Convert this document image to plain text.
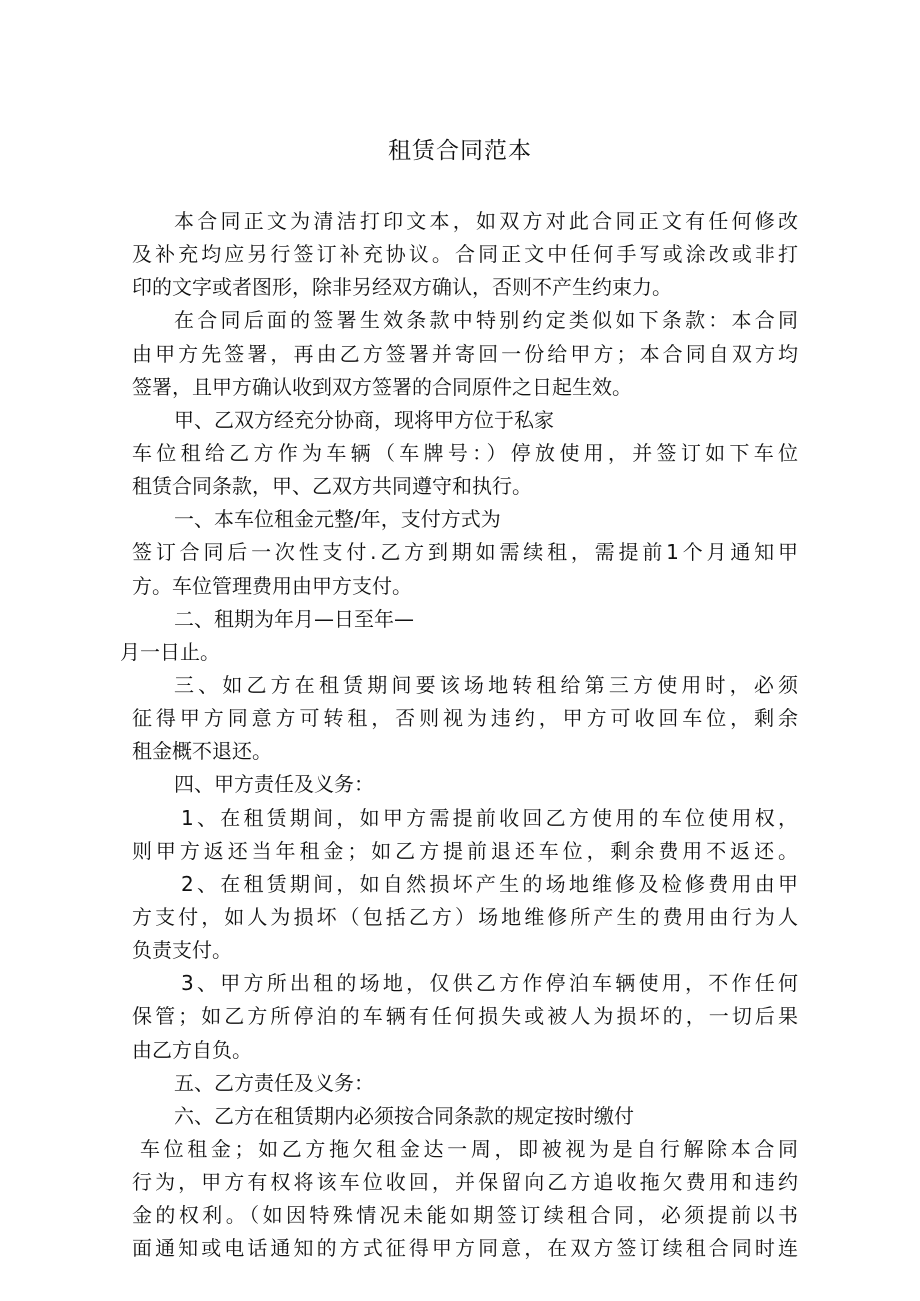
租赁合同范本
本合同正文为清洁打印文本，如双方对此合同正文有任何修改
及补充均应另行签订补充协议。合同正文中任何手写或涂改或非打
印的文字或者图形，除非另经双方确认，否则不产生约束力。
在合同后面的签署生效条款中特别约定类似如下条款：本合同
由甲方先签署，再由乙方签署并寄回一份给甲方；本合同自双方均
签署，且甲方确认收到双方签署的合同原件之日起生效。
甲、乙双方经充分协商，现将甲方位于私家
车位租给乙方作为车辆（车牌号：）停放使用，并签订如下车位
租赁合同条款，甲、乙双方共同遵守和执行。
一、本车位租金元整/年，支付方式为
签订合同后一次性支付.乙方到期如需续租，需提前1个月通知甲
方。车位管理费用由甲方支付。
二、租期为年月—日至年—
月一日止。
三、如乙方在租赁期间要该场地转租给第三方使用时，必须
征得甲方同意方可转租，否则视为违约，甲方可收回车位，剩余
租金概不退还。
四、甲方责任及义务：
1、在租赁期间，如甲方需提前收回乙方使用的车位使用权，
则甲方返还当年租金；如乙方提前退还车位，剩余费用不返还。
2、在租赁期间，如自然损坏产生的场地维修及检修费用由甲
方支付，如人为损坏（包括乙方）场地维修所产生的费用由行为人
负责支付。
3、甲方所出租的场地，仅供乙方作停泊车辆使用，不作任何
保管；如乙方所停泊的车辆有任何损失或被人为损坏的，一切后果
由乙方自负。
五、乙方责任及义务：
六、乙方在租赁期内必须按合同条款的规定按时缴付
车位租金；如乙方拖欠租金达一周，即被视为是自行解除本合同
行为，甲方有权将该车位收回，并保留向乙方追收拖欠费用和违约
金的权利。（如因特殊情况未能如期签订续租合同，必须提前以书
面通知或电话通知的方式征得甲方同意，在双方签订续租合同时连
